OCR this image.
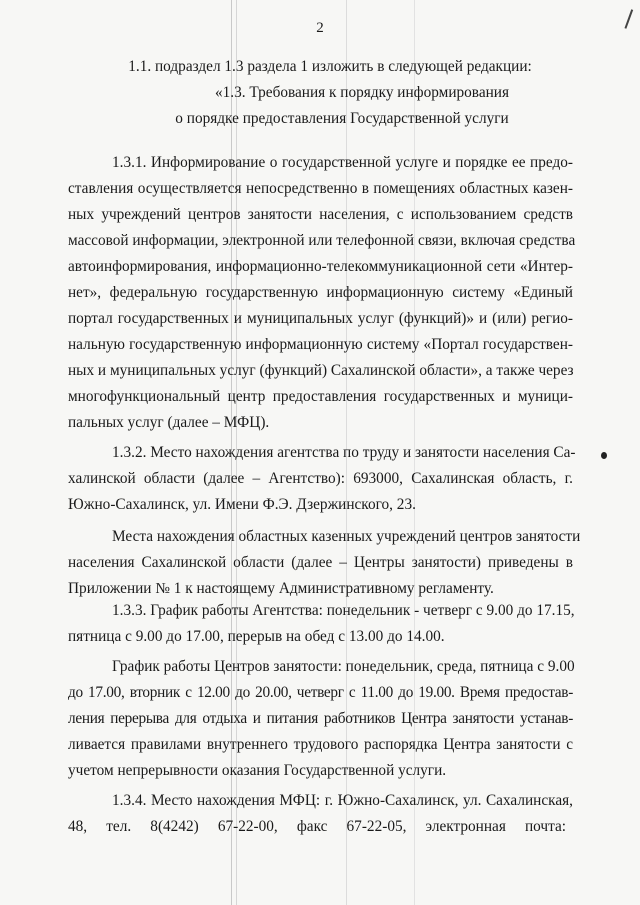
2
1.1. подраздел 1.3 раздела 1 изложить в следующей редакции:
«1.3. Требования к порядку информирования
о порядке предоставления Государственной услуги
1.3.1. Информирование о государственной услуге и порядке ее предо-
ставления осуществляется непосредственно в помещениях областных казен-
ных учреждений центров занятости населения, с использованием средств
массовой информации, электронной или телефонной связи, включая средства
автоинформирования, информационно-телекоммуникационной сети «Интер-
нет», федеральную государственную информационную систему «Единый
портал государственных и муниципальных услуг (функций)» и (или) регио-
нальную государственную информационную систему «Портал государствен-
ных и муниципальных услуг (функций) Сахалинской области», а также через
многофункциональный центр предоставления государственных и муници-
пальных услуг (далее – МФЦ).
1.3.2. Место нахождения агентства по труду и занятости населения Са-
халинской области (далее – Агентство): 693000, Сахалинская область, г.
Южно-Сахалинск, ул. Имени Ф.Э. Дзержинского, 23.
Места нахождения областных казенных учреждений центров занятости
населения Сахалинской области (далее – Центры занятости) приведены в
Приложении № 1 к настоящему Административному регламенту.
1.3.3. График работы Агентства: понедельник - четверг с 9.00 до 17.15,
пятница с 9.00 до 17.00, перерыв на обед с 13.00 до 14.00.
График работы Центров занятости: понедельник, среда, пятница с 9.00
до 17.00, вторник с 12.00 до 20.00, четверг с 11.00 до 19.00. Время предостав-
ления перерыва для отдыха и питания работников Центра занятости устанав-
ливается правилами внутреннего трудового распорядка Центра занятости с
учетом непрерывности оказания Государственной услуги.
1.3.4. Место нахождения МФЦ: г. Южно-Сахалинск, ул. Сахалинская,
48,     тел.     8(4242)     67-22-00,     факс     67-22-05,     электронная     почта:
